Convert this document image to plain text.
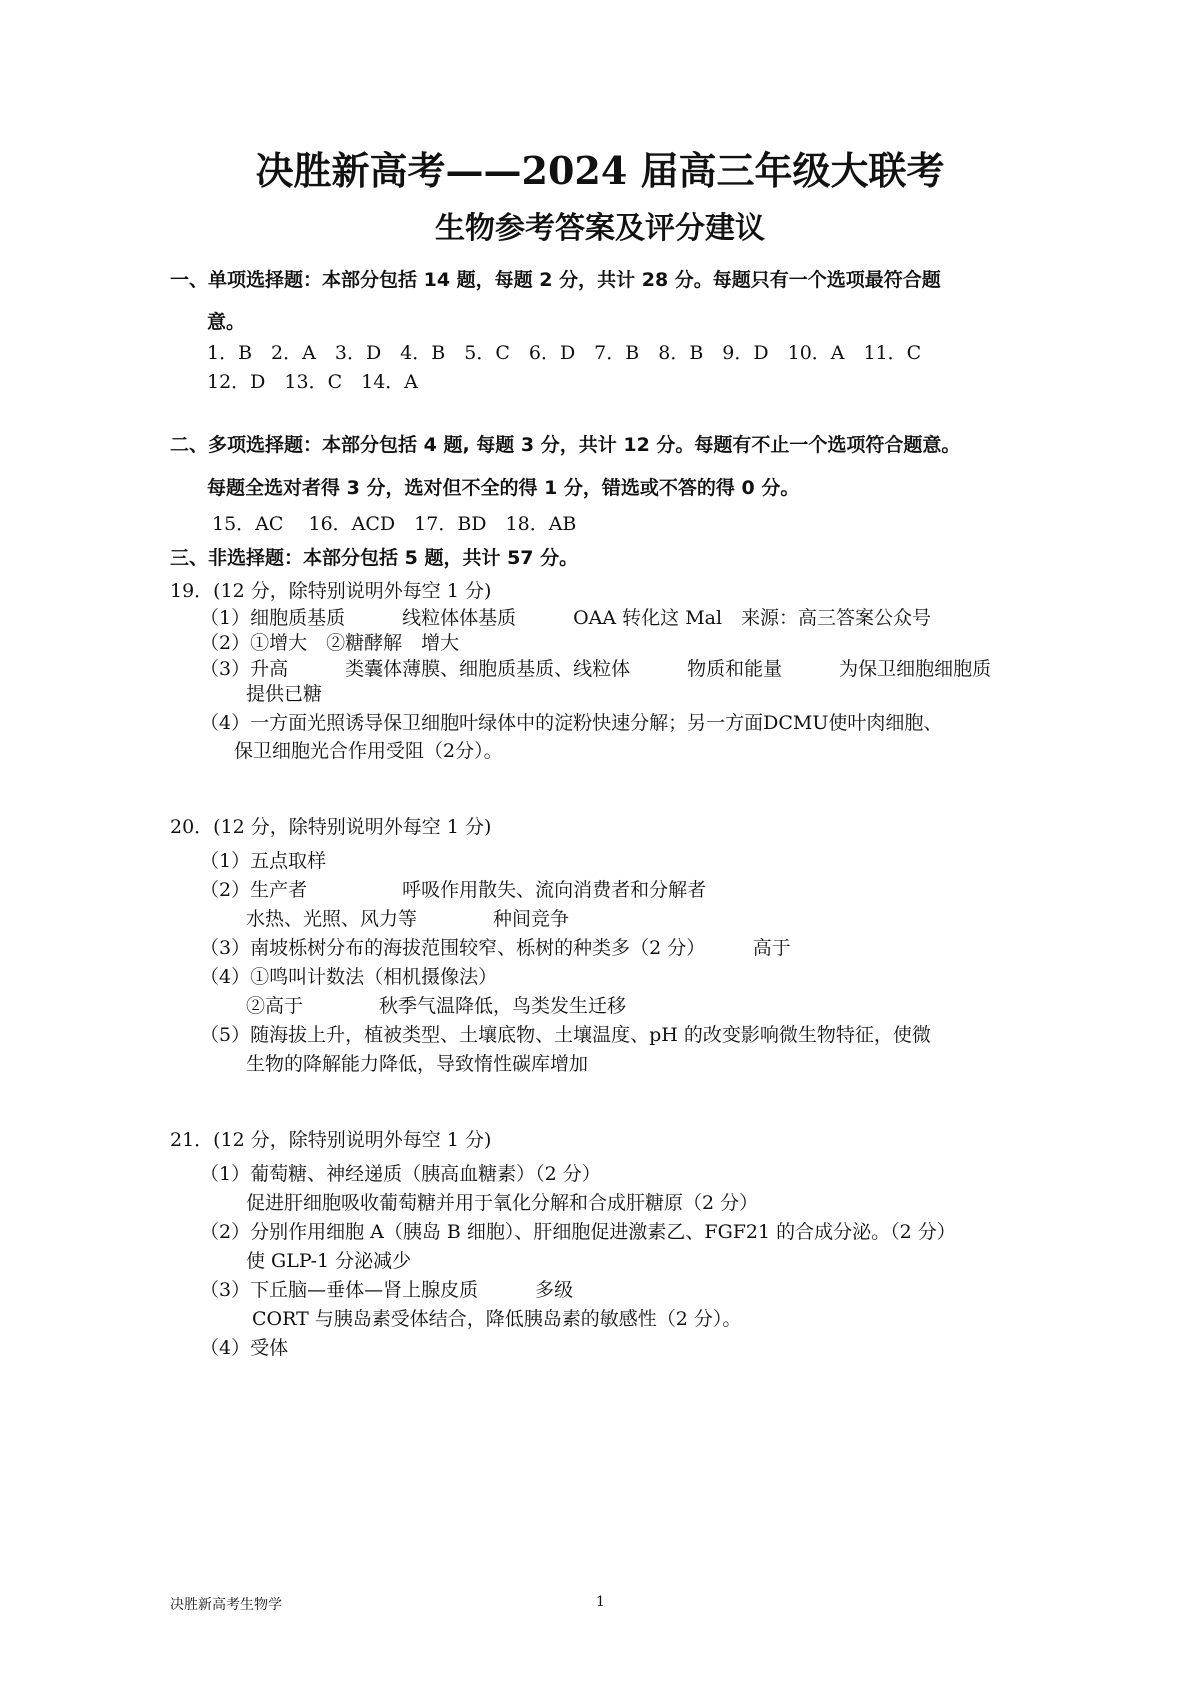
决胜新高考——2024 届高三年级大联考
生物参考答案及评分建议
一、单项选择题：本部分包括 14 题，每题 2 分，共计 28 分。每题只有一个选项最符合题
意。
1．B　2．A　3．D　4．B　5．C　6．D　7．B　8．B　9．D　10．A　11．C
12．D　13．C　14．A
二、多项选择题：本部分包括 4 题, 每题 3 分，共计 12 分。每题有不止一个选项符合题意。
每题全选对者得 3 分，选对但不全的得 1 分，错选或不答的得 0 分。
15．AC　 16．ACD　17．BD　18．AB
三、非选择题：本部分包括 5 题，共计 57 分。
19．(12 分，除特别说明外每空 1 分)
（1）细胞质基质　　　线粒体体基质　　　OAA 转化这 Mal　来源：高三答案公众号
（2）①增大　②糖酵解　增大
（3）升高　　　类囊体薄膜、细胞质基质、线粒体　　　物质和能量　　　为保卫细胞细胞质
提供已糖
（4）一方面光照诱导保卫细胞叶绿体中的淀粉快速分解；另一方面DCMU使叶肉细胞、
保卫细胞光合作用受阻（2分）。
20．(12 分，除特别说明外每空 1 分)
（1）五点取样
（2）生产者　　　　　呼吸作用散失、流向消费者和分解者
水热、光照、风力等　　　　种间竞争
（3）南坡栎树分布的海拔范围较窄、栎树的种类多（2 分）　　　高于
（4）①鸣叫计数法（相机摄像法）
②高于　　　　秋季气温降低，鸟类发生迁移
（5）随海拔上升，植被类型、土壤底物、土壤温度、pH 的改变影响微生物特征，使微
生物的降解能力降低，导致惰性碳库增加
21．(12 分，除特别说明外每空 1 分)
（1）葡萄糖、神经递质（胰高血糖素）（2 分）
促进肝细胞吸收葡萄糖并用于氧化分解和合成肝糖原（2 分）
（2）分别作用细胞 A（胰岛 B 细胞）、肝细胞促进激素乙、FGF21 的合成分泌。（2 分）
使 GLP-1 分泌减少
（3）下丘脑—垂体—肾上腺皮质　　　多级
CORT 与胰岛素受体结合，降低胰岛素的敏感性（2 分）。
（4）受体
决胜新高考生物学	1
